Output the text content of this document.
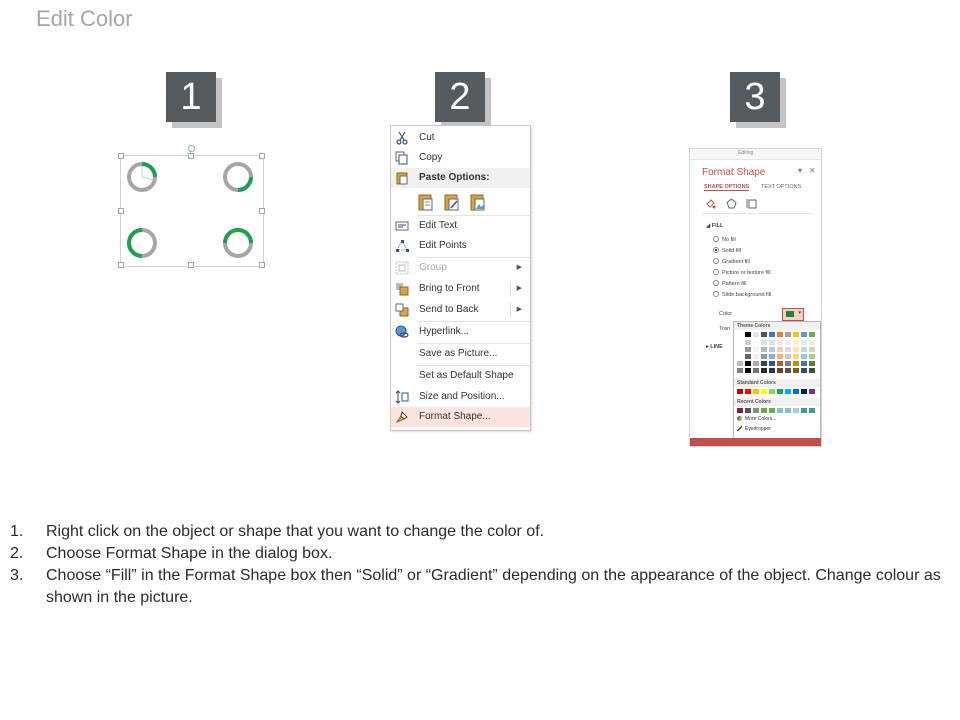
Edit Color
1	2	3
Cut
Copy
Paste Options:
Edit Text
Edit Points
Group	▶
Bring to Front	▶
Send to Back	▶
Hyperlink...
Save as Picture...
Set as Default Shape
Size and Position...
Format Shape...
Editing
Format Shape	▾ ✕
SHAPE OPTIONS TEXT OPTIONS
◢ FILL
No fill
Solid fill
Gradient fill
Picture or texture fill
Pattern fill
Slide background fill
Color	▾
Tran
▸ LINE
Theme Colors
Standard Colors
Recent Colors
More Colors...
Eyedropper
1. Right click on the object or shape that you want to change the color of.
2. Choose Format Shape in the dialog box.
3. Choose “Fill” in the Format Shape box then “Solid” or “Gradient” depending on the appearance of the object. Change colour as shown in the picture.
